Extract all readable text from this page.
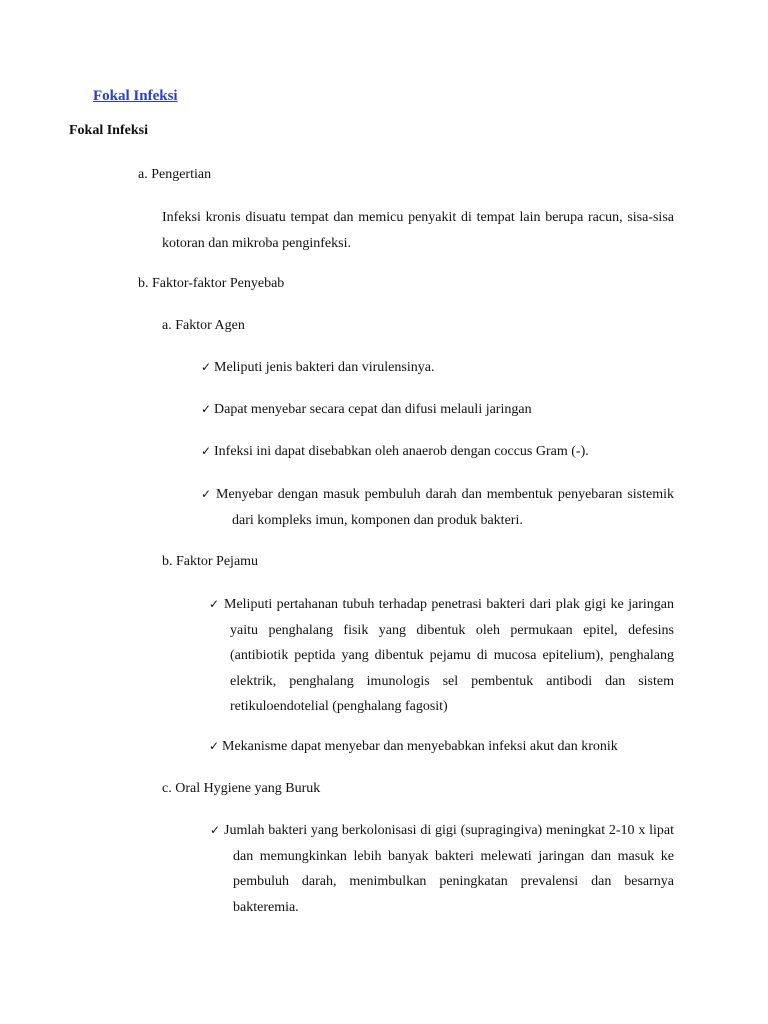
Fokal Infeksi

Fokal Infeksi

a. Pengertian

Infeksi kronis disuatu tempat dan memicu penyakit di tempat lain berupa racun, sisa-sisa kotoran dan mikroba penginfeksi.

b. Faktor-faktor Penyebab

a. Faktor Agen

✓ Meliputi jenis bakteri dan virulensinya.
✓ Dapat menyebar secara cepat dan difusi melauli jaringan
✓ Infeksi ini dapat disebabkan oleh anaerob dengan coccus Gram (-).
✓ Menyebar dengan masuk pembuluh darah dan membentuk penyebaran sistemik dari kompleks imun, komponen dan produk bakteri.

b. Faktor Pejamu

✓ Meliputi pertahanan tubuh terhadap penetrasi bakteri dari plak gigi ke jaringan yaitu penghalang fisik yang dibentuk oleh permukaan epitel, defesins (antibiotik peptida yang dibentuk pejamu di mucosa epitelium), penghalang elektrik, penghalang imunologis sel pembentuk antibodi dan sistem retikuloendotelial (penghalang fagosit)
✓ Mekanisme dapat menyebar dan menyebabkan infeksi akut dan kronik

c. Oral Hygiene yang Buruk

✓ Jumlah bakteri yang berkolonisasi di gigi (supragingiva) meningkat 2-10 x lipat dan memungkinkan lebih banyak bakteri melewati jaringan dan masuk ke pembuluh darah, menimbulkan peningkatan prevalensi dan besarnya bakteremia.
